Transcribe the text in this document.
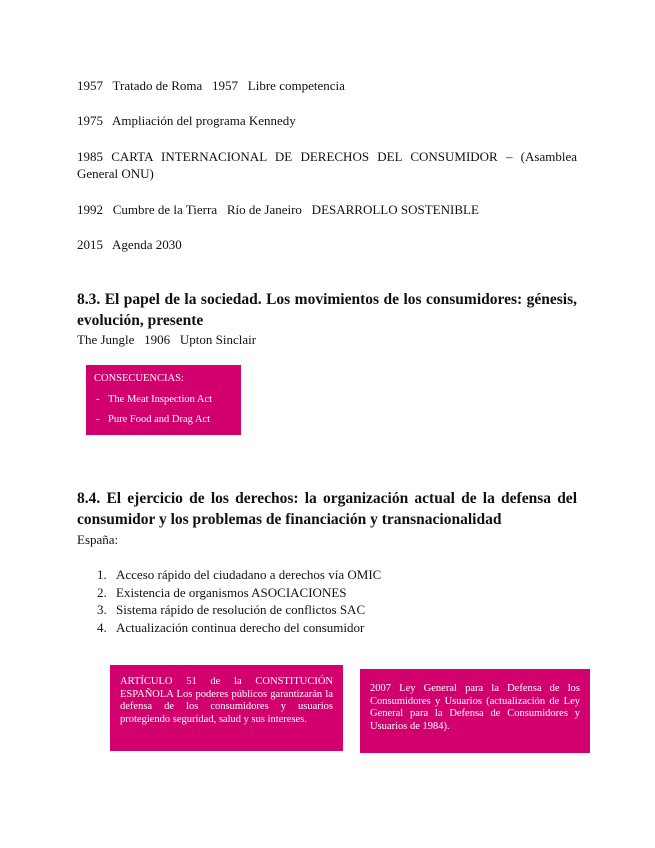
1957   Tratado de Roma   1957   Libre competencia
1975   Ampliación del programa Kennedy
1985 CARTA INTERNACIONAL DE DERECHOS DEL CONSUMIDOR – (Asamblea General ONU)
1992   Cumbre de la Tierra   Río de Janeiro   DESARROLLO SOSTENIBLE
2015   Agenda 2030
8.3. El papel de la sociedad. Los movimientos de los consumidores: génesis, evolución, presente
The Jungle   1906   Upton Sinclair
CONSECUENCIAS:
- The Meat Inspection Act
- Pure Food and Drag Act
8.4. El ejercicio de los derechos: la organización actual de la defensa del consumidor y los problemas de financiación y transnacionalidad
España:
1. Acceso rápido del ciudadano a derechos vía OMIC
2. Existencia de organismos ASOCIACIONES
3. Sistema rápido de resolución de conflictos SAC
4. Actualización continua derecho del consumidor
ARTÍCULO 51 de la CONSTITUCIÓN ESPAÑOLA Los poderes públicos garantizarán la defensa de los consumidores y usuarios protegiendo seguridad, salud y sus intereses.
2007 Ley General para la Defensa de los Consumidores y Usuarios (actualización de Ley General para la Defensa de Consumidores y Usuarios de 1984).
